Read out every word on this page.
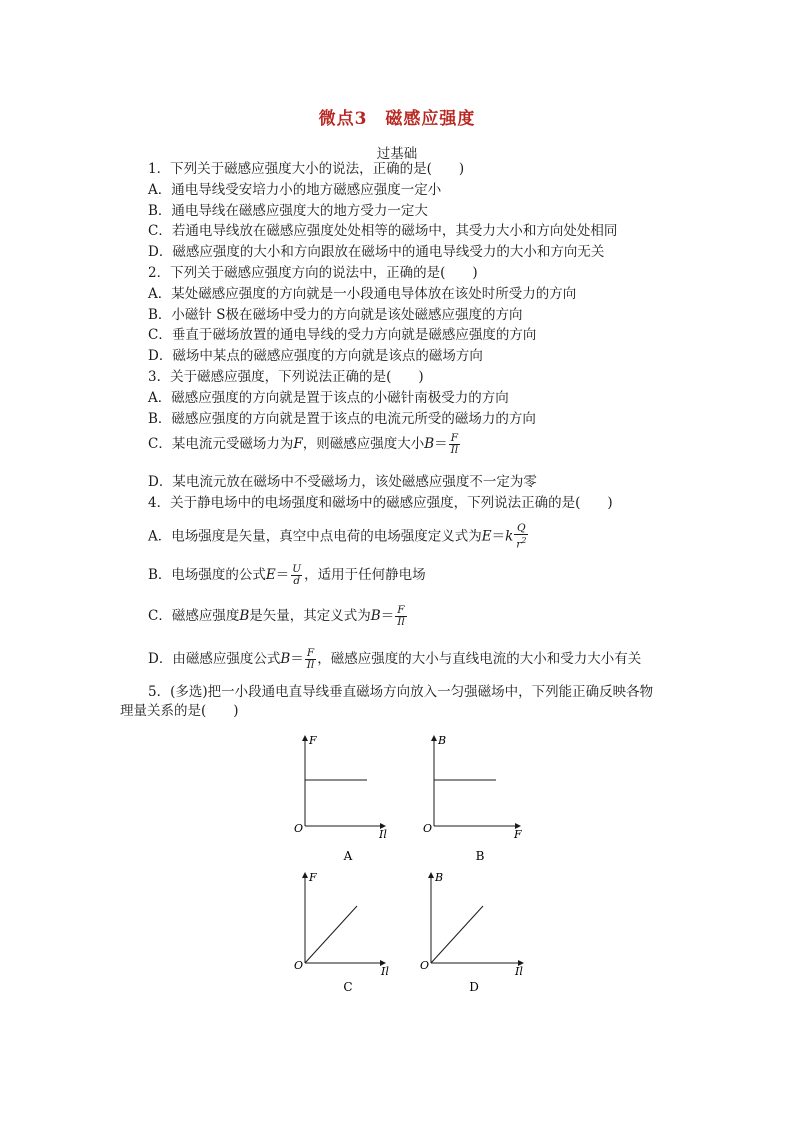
微点3　磁感应强度
过基础
1．下列关于磁感应强度大小的说法，正确的是(　　)
A．通电导线受安培力小的地方磁感应强度一定小
B．通电导线在磁感应强度大的地方受力一定大
C．若通电导线放在磁感应强度处处相等的磁场中，其受力大小和方向处处相同
D．磁感应强度的大小和方向跟放在磁场中的通电导线受力的大小和方向无关
2．下列关于磁感应强度方向的说法中，正确的是(　　)
A．某处磁感应强度的方向就是一小段通电导体放在该处时所受力的方向
B．小磁针 S极在磁场中受力的方向就是该处磁感应强度的方向
C．垂直于磁场放置的通电导线的受力方向就是磁感应强度的方向
D．磁场中某点的磁感应强度的方向就是该点的磁场方向
3．关于磁感应强度，下列说法正确的是(　　)
A．磁感应强度的方向就是置于该点的小磁针南极受力的方向
B．磁感应强度的方向就是置于该点的电流元所受的磁场力的方向
C．某电流元受磁场力为F，则磁感应强度大小$B= \frac{F}{Il}$
D．某电流元放在磁场中不受磁场力，该处磁感应强度不一定为零
4．关于静电场中的电场强度和磁场中的磁感应强度，下列说法正确的是(　　)
A．电场强度是矢量，真空中点电荷的电场强度定义式为$E=k \frac{Q}{r^2}$
B．电场强度的公式$E= \frac{U}{d}$ ，适用于任何静电场
C．磁感应强度B是矢量，其定义式为$B= \frac{F}{Il}$
D．由磁感应强度公式$B= \frac{F}{Il}$ ，磁感应强度的大小与直线电流的大小和受力大小有关
5．(多选)把一小段通电直导线垂直磁场方向放入一匀强磁场中，下列能正确反映各物
理量关系的是(　　)
F
Il
O
A
B
F
O
B
F
Il
O
C
B
Il
O
D
